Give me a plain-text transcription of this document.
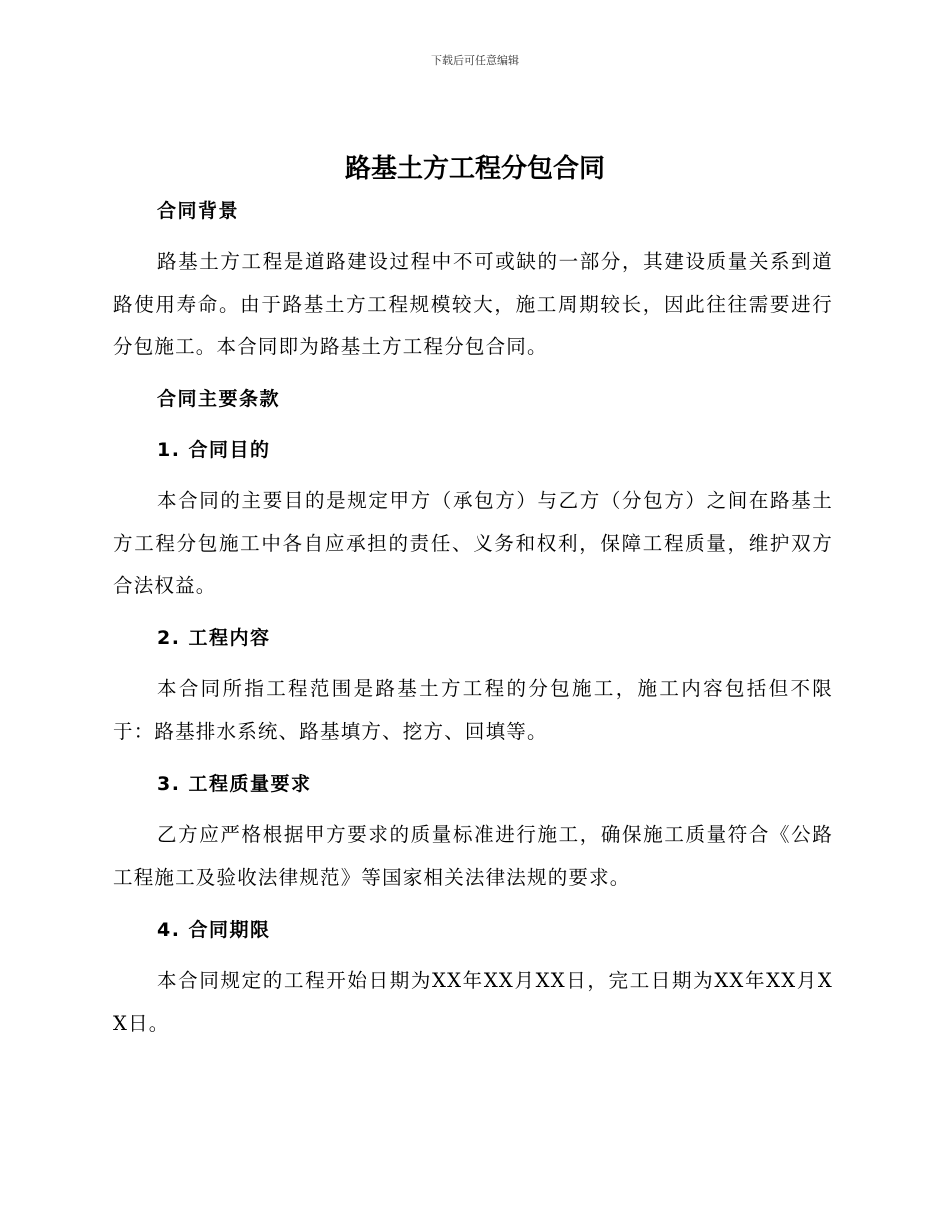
下载后可任意编辑
路基土方工程分包合同
合同背景

路基土方工程是道路建设过程中不可或缺的一部分，其建设质量关系到道路使用寿命。由于路基土方工程规模较大，施工周期较长，因此往往需要进行分包施工。本合同即为路基土方工程分包合同。

合同主要条款
1. 合同目的

本合同的主要目的是规定甲方（承包方）与乙方（分包方）之间在路基土方工程分包施工中各自应承担的责任、义务和权利，保障工程质量，维护双方合法权益。

2. 工程内容

本合同所指工程范围是路基土方工程的分包施工，施工内容包括但不限于：路基排水系统、路基填方、挖方、回填等。

3. 工程质量要求

乙方应严格根据甲方要求的质量标准进行施工，确保施工质量符合《公路工程施工及验收法律规范》等国家相关法律法规的要求。

4. 合同期限

本合同规定的工程开始日期为XX年XX月XX日，完工日期为XX年XX月XX日。
